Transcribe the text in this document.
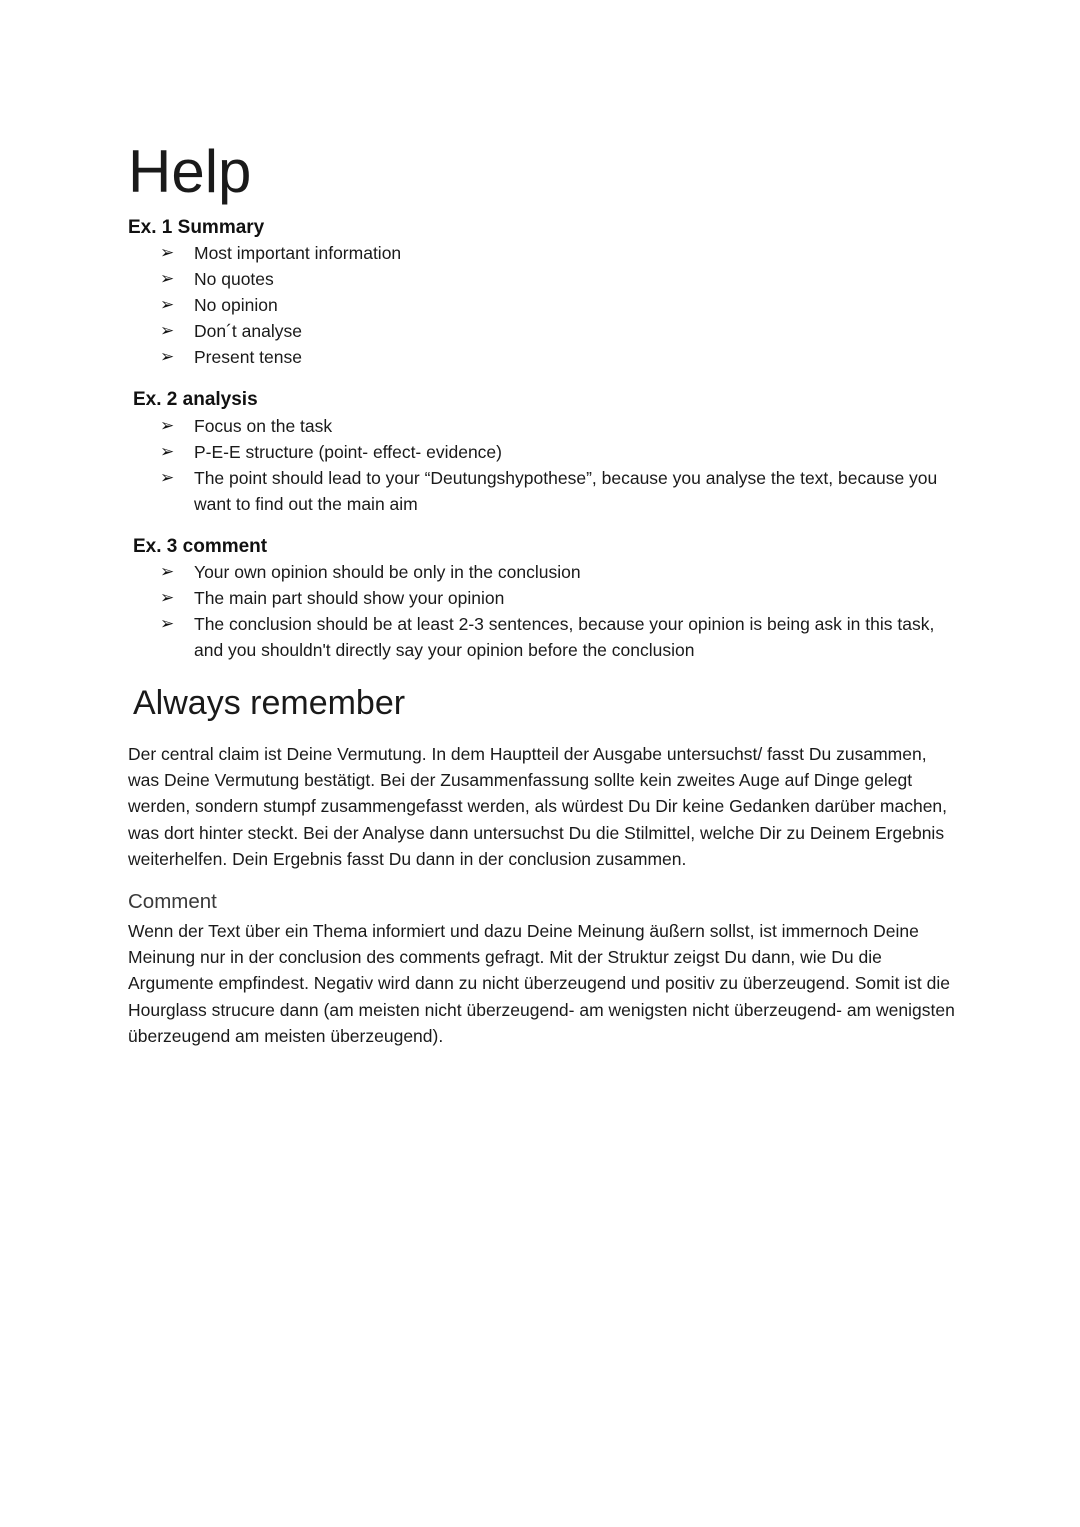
Help
Ex. 1 Summary
➢ Most important information
➢ No quotes
➢ No opinion
➢ Don´t analyse
➢ Present tense
Ex. 2 analysis
➢ Focus on the task
➢ P-E-E structure (point- effect- evidence)
➢ The point should lead to your “Deutungshypothese”, because you analyse the text, because you want to find out the main aim
Ex. 3 comment
➢ Your own opinion should be only in the conclusion
➢ The main part should show your opinion
➢ The conclusion should be at least 2-3 sentences, because your opinion is being ask in this task, and you shouldn't directly say your opinion before the conclusion
Always remember

Der central claim ist Deine Vermutung. In dem Hauptteil der Ausgabe untersuchst/ fasst Du zusammen, was Deine Vermutung bestätigt. Bei der Zusammenfassung sollte kein zweites Auge auf Dinge gelegt werden, sondern stumpf zusammengefasst werden, als würdest Du Dir keine Gedanken darüber machen, was dort hinter steckt. Bei der Analyse dann untersuchst Du die Stilmittel, welche Dir zu Deinem Ergebnis weiterhelfen. Dein Ergebnis fasst Du dann in der conclusion zusammen.

Comment

Wenn der Text über ein Thema informiert und dazu Deine Meinung äußern sollst, ist immernoch Deine Meinung nur in der conclusion des comments gefragt. Mit der Struktur zeigst Du dann, wie Du die Argumente empfindest. Negativ wird dann zu nicht überzeugend und positiv zu überzeugend. Somit ist die Hourglass strucure dann (am meisten nicht überzeugend- am wenigsten nicht überzeugend- am wenigsten überzeugend am meisten überzeugend).
